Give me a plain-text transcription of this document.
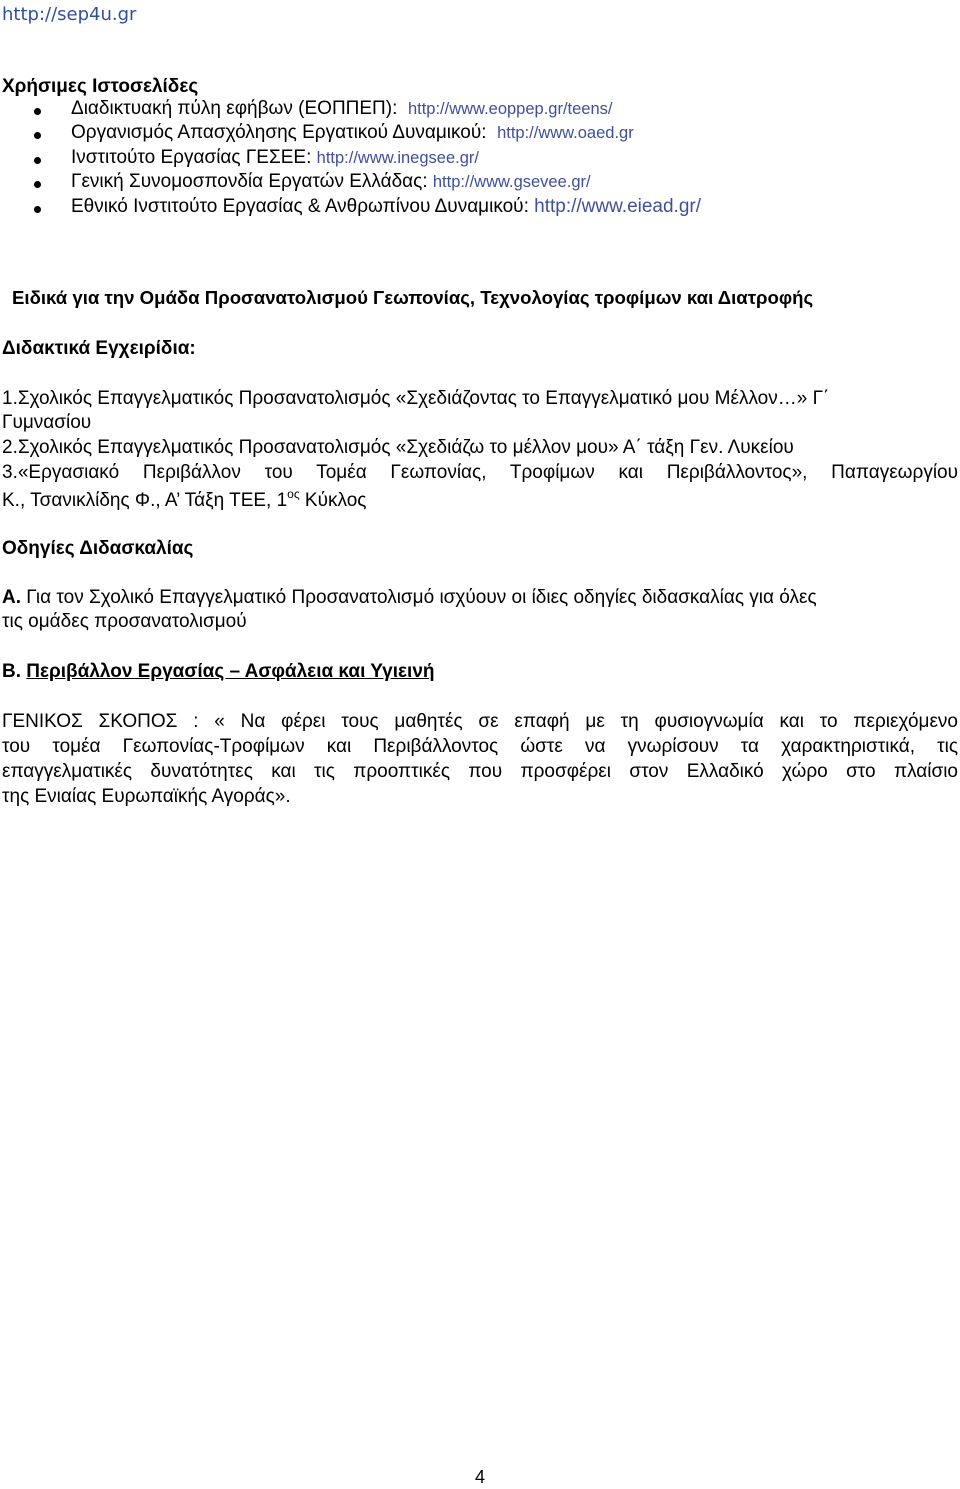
http://sep4u.gr
Χρήσιμες Ιστοσελίδες
Διαδικτυακή πύλη εφήβων (ΕΟΠΠΕΠ): http://www.eoppep.gr/teens/
Οργανισμός Απασχόλησης Εργατικού Δυναμικού: http://www.oaed.gr
Ινστιτούτο Εργασίας ΓΕΣΕΕ: http://www.inegsee.gr/
Γενική Συνομοσπονδία Εργατών Ελλάδας: http://www.gsevee.gr/
Εθνικό Ινστιτούτο Εργασίας & Ανθρωπίνου Δυναμικού: http://www.eiead.gr/
Ειδικά για την Ομάδα Προσανατολισμού Γεωπονίας, Τεχνολογίας τροφίμων και Διατροφής
Διδακτικά Εγχειρίδια:
1.Σχολικός Επαγγελματικός Προσανατολισμός «Σχεδιάζοντας το Επαγγελματικό μου Μέλλον…» Γ΄
Γυμνασίου
2.Σχολικός Επαγγελματικός Προσανατολισμός «Σχεδιάζω το μέλλον μου» Α΄ τάξη Γεν. Λυκείου
3.«Εργασιακό Περιβάλλον του Τομέα Γεωπονίας, Τροφίμων και Περιβάλλοντος», Παπαγεωργίου
Κ., Τσανικλίδης Φ., Α’ Τάξη ΤΕΕ, $1^{o\varsigma}$ Κύκλος
Οδηγίες Διδασκαλίας
Α. Για τον Σχολικό Επαγγελματικό Προσανατολισμό ισχύουν οι ίδιες οδηγίες διδασκαλίας για όλες
τις ομάδες προσανατολισμού
Β. Περιβάλλον Εργασίας – Ασφάλεια και Υγιεινή
ΓΕΝΙΚΟΣ ΣΚΟΠΟΣ : « Να φέρει τους μαθητές σε επαφή με τη φυσιογνωμία και το περιεχόμενο
του τομέα Γεωπονίας-Τροφίμων και Περιβάλλοντος ώστε να γνωρίσουν τα χαρακτηριστικά, τις
επαγγελματικές δυνατότητες και τις προοπτικές που προσφέρει στον Ελλαδικό χώρο στο πλαίσιο
της Ενιαίας Ευρωπαϊκής Αγοράς».
4
